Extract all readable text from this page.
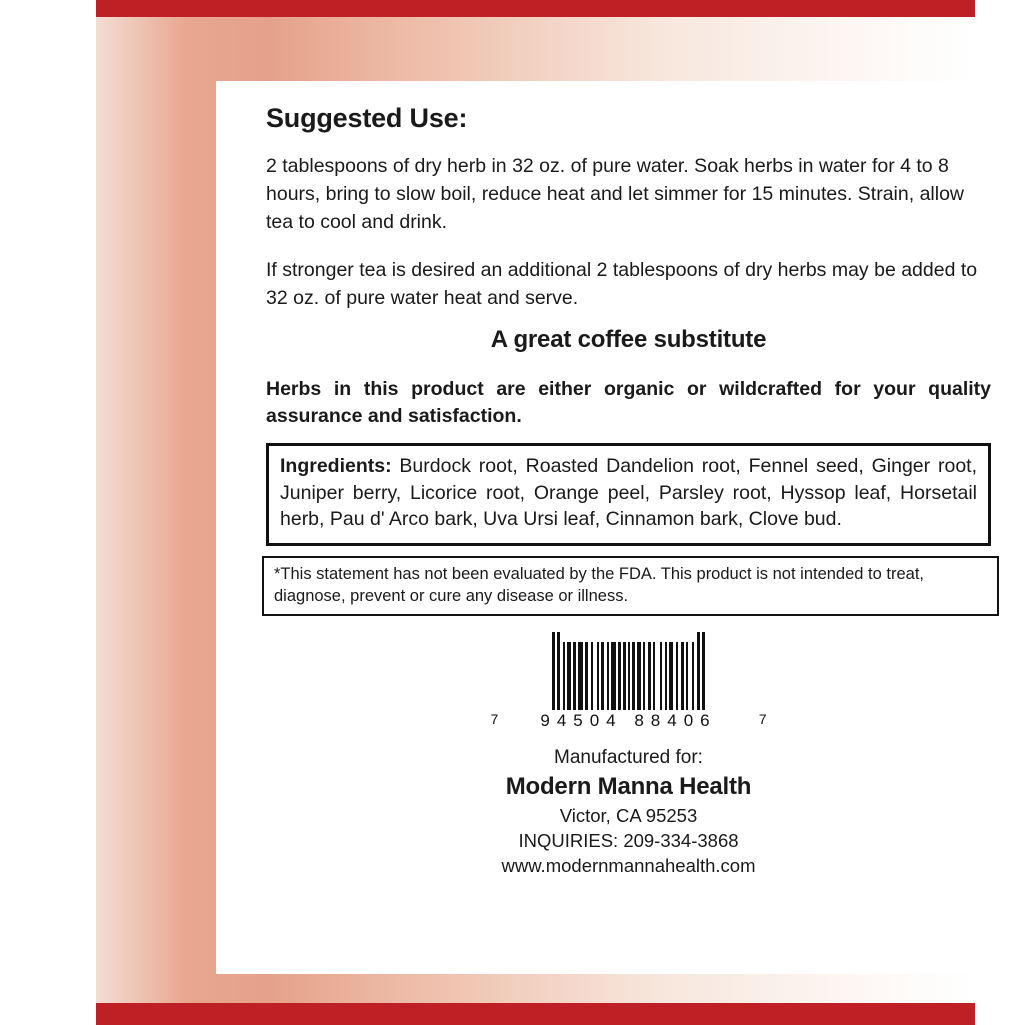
Suggested Use:

2 tablespoons of dry herb in 32 oz. of pure water. Soak herbs in water for 4 to 8 hours, bring to slow boil, reduce heat and let simmer for 15 minutes. Strain, allow tea to cool and drink.

If stronger tea is desired an additional 2 tablespoons of dry herbs may be added to 32 oz. of pure water heat and serve.

A great coffee substitute

Herbs in this product are either organic or wildcrafted for your quality assurance and satisfaction.

Ingredients: Burdock root, Roasted Dandelion root, Fennel seed, Ginger root, Juniper berry, Licorice root, Orange peel, Parsley root, Hyssop leaf, Horsetail herb, Pau d' Arco bark, Uva Ursi leaf, Cinnamon bark, Clove bud.

*This statement has not been evaluated by the FDA. This product is not intended to treat, diagnose, prevent or cure any disease or illness.

7 94504 88406	7
Manufactured for:
Modern Manna Health
Victor, CA 95253
INQUIRIES: 209-334-3868
www.modernmannahealth.com
